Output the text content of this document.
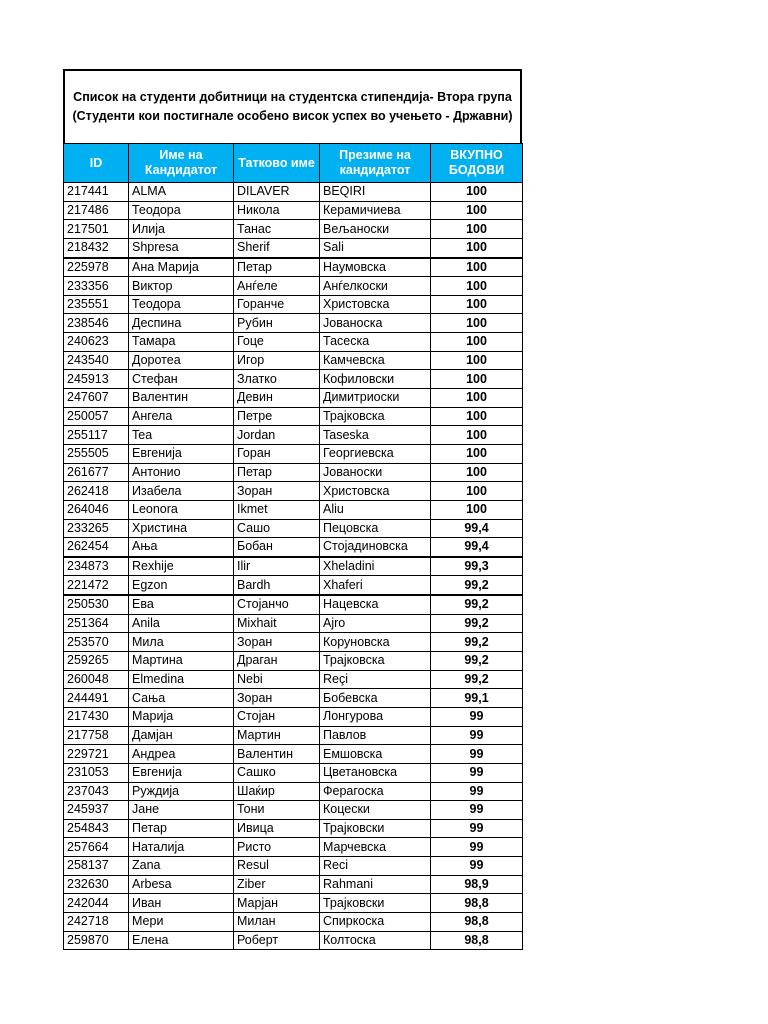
Список на студенти добитници на студентска стипендија- Втора група
(Студенти кои постигнале особено висок успех во учењето - Државни)
ID	Име на Кандидатот	Татково име	Презиме на кандидатот	ВКУПНО БОДОВИ
217441	ALMA	DILAVER	BEQIRI	100
217486	Теодора	Никола	Керамичиева	100
217501	Илија	Танас	Вељаноски	100
218432	Shpresa	Sherif	Sali	100
225978	Ана Марија	Петар	Наумовска	100
233356	Виктор	Анѓеле	Анѓелкоски	100
235551	Теодора	Горанче	Христовска	100
238546	Деспина	Рубин	Јованоска	100
240623	Тамара	Гоце	Тасеска	100
243540	Доротеа	Игор	Камчевска	100
245913	Стефан	Златко	Кофиловски	100
247607	Валентин	Девин	Димитриоски	100
250057	Ангела	Петре	Трајковска	100
255117	Tea	Jordan	Taseska	100
255505	Евгенија	Горан	Георгиевска	100
261677	Антонио	Петар	Јованоски	100
262418	Изабела	Зоран	Христовска	100
264046	Leonora	Ikmet	Aliu	100
233265	Христина	Сашо	Пецовска	99,4
262454	Ања	Бобан	Стојадиновска	99,4
234873	Rexhije	Ilir	Xheladini	99,3
221472	Egzon	Bardh	Xhaferi	99,2
250530	Ева	Стојанчо	Нацевска	99,2
251364	Anila	Mixhait	Ajro	99,2
253570	Мила	Зоран	Коруновска	99,2
259265	Мартина	Драган	Трајковска	99,2
260048	Elmedina	Nebi	Reçi	99,2
244491	Сања	Зоран	Бобевска	99,1
217430	Марија	Стојан	Лонгурова	99
217758	Дамјан	Мартин	Павлов	99
229721	Андреа	Валентин	Емшовска	99
231053	Евгенија	Сашко	Цветановска	99
237043	Руждија	Шаќир	Ферагоска	99
245937	Јане	Тони	Коцески	99
254843	Петар	Ивица	Трајковски	99
257664	Наталија	Ристо	Марчевска	99
258137	Zana	Resul	Reci	99
232630	Arbesa	Ziber	Rahmani	98,9
242044	Иван	Марјан	Трајковски	98,8
242718	Мери	Милан	Спиркоска	98,8
259870	Елена	Роберт	Колтоска	98,8
